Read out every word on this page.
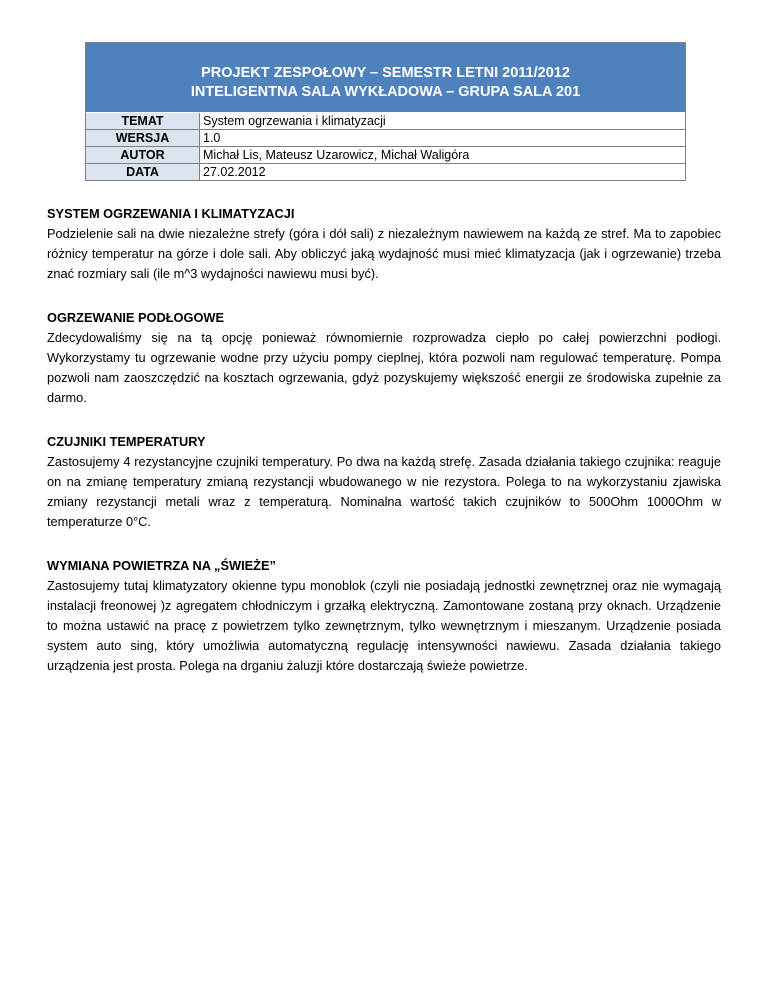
PROJEKT ZESPOŁOWY – SEMESTR LETNI 2011/2012
INTELIGENTNA SALA WYKŁADOWA – GRUPA SALA 201
TEMAT	System ogrzewania i klimatyzacji
WERSJA	1.0
AUTOR	Michał Lis, Mateusz Uzarowicz, Michał Waligóra
DATA	27.02.2012
SYSTEM OGRZEWANIA I KLIMATYZACJI

Podzielenie sali na dwie niezależne strefy (góra i dół sali) z niezależnym nawiewem na każdą ze stref. Ma to zapobiec różnicy temperatur na górze i dole sali. Aby obliczyć jaką wydajność musi mieć klimatyzacja (jak i ogrzewanie) trzeba znać rozmiary sali (ile m^3 wydajności nawiewu musi być).

OGRZEWANIE PODŁOGOWE

Zdecydowaliśmy się na tą opcję ponieważ równomiernie rozprowadza ciepło po całej powierzchni podłogi. Wykorzystamy tu ogrzewanie wodne przy użyciu pompy cieplnej, która pozwoli nam regulować temperaturę. Pompa pozwoli nam zaoszczędzić na kosztach ogrzewania, gdyż pozyskujemy większość energii ze środowiska zupełnie za darmo.

CZUJNIKI TEMPERATURY

Zastosujemy 4 rezystancyjne czujniki temperatury. Po dwa na każdą strefę. Zasada działania takiego czujnika: reaguje on na zmianę temperatury zmianą rezystancji wbudowanego w nie rezystora. Polega to na wykorzystaniu zjawiska zmiany rezystancji metali wraz z temperaturą. Nominalna wartość takich czujników to 500Ohm 1000Ohm w temperaturze 0°C.

WYMIANA POWIETRZA NA „ŚWIEŻE”

Zastosujemy tutaj klimatyzatory okienne typu monoblok (czyli nie posiadają jednostki zewnętrznej oraz nie wymagają instalacji freonowej )z agregatem chłodniczym i grzałką elektryczną. Zamontowane zostaną przy oknach. Urządzenie to można ustawić na pracę z powietrzem tylko zewnętrznym, tylko wewnętrznym i mieszanym. Urządzenie posiada system auto sing, który umożliwia automatyczną regulację intensywności nawiewu. Zasada działania takiego urządzenia jest prosta. Polega na drganiu żaluzji które dostarczają świeże powietrze.
